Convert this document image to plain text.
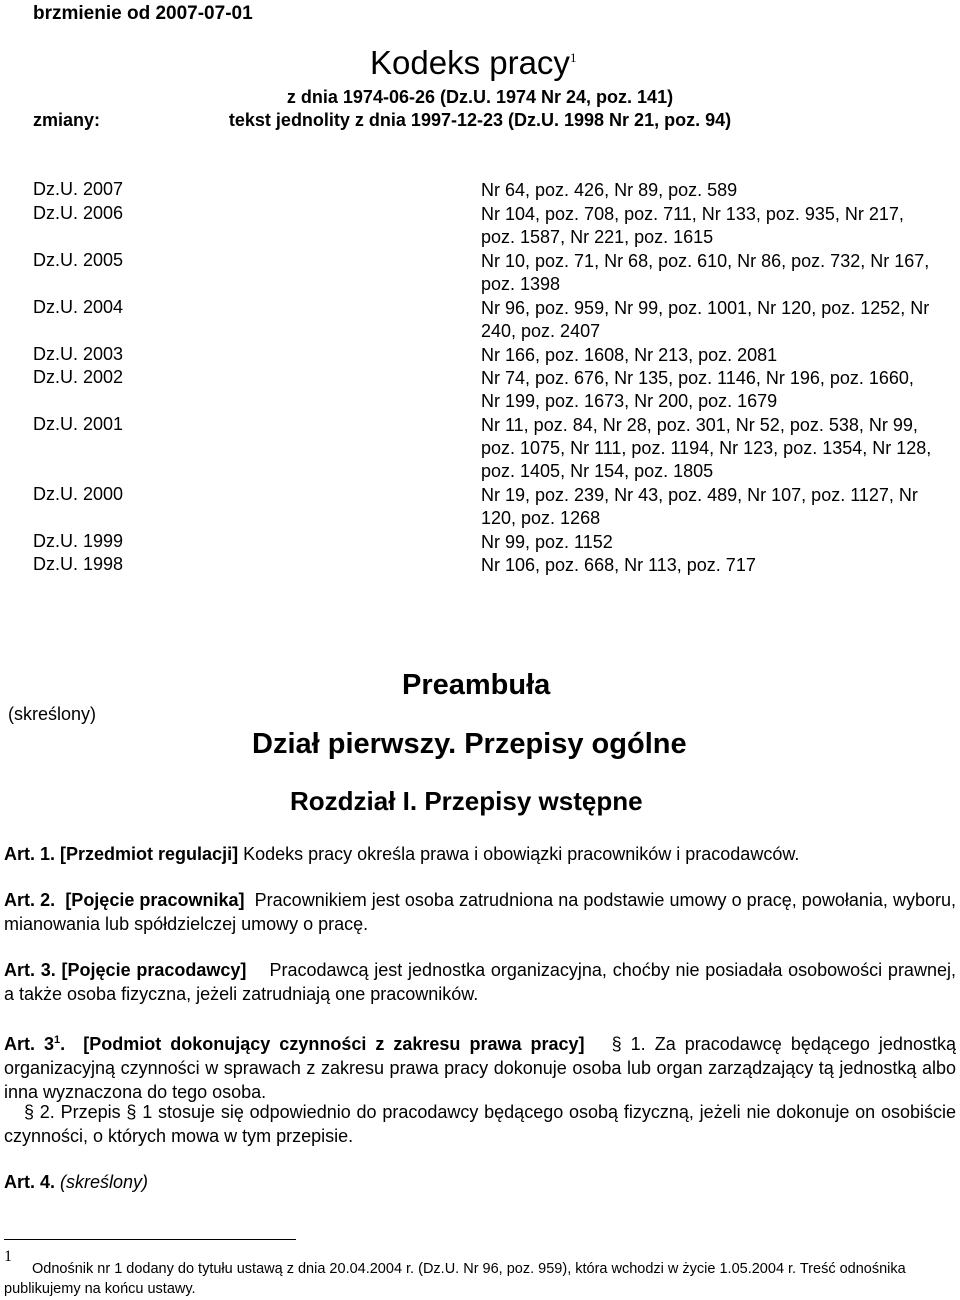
brzmienie od 2007-07-01
Kodeks pracy$^1$
z dnia 1974-06-26 (Dz.U. 1974 Nr 24, poz. 141)
zmiany:	tekst jednolity z dnia 1997-12-23 (Dz.U. 1998 Nr 21, poz. 94)
Dz.U. 2007	Nr 64, poz. 426, Nr 89, poz. 589
Dz.U. 2006	Nr 104, poz. 708, poz. 711, Nr 133, poz. 935, Nr 217, poz. 1587, Nr 221, poz. 1615
Dz.U. 2005	Nr 10, poz. 71, Nr 68, poz. 610, Nr 86, poz. 732, Nr 167, poz. 1398
Dz.U. 2004	Nr 96, poz. 959, Nr 99, poz. 1001, Nr 120, poz. 1252, Nr 240, poz. 2407
Dz.U. 2003	Nr 166, poz. 1608, Nr 213, poz. 2081
Dz.U. 2002	Nr 74, poz. 676, Nr 135, poz. 1146, Nr 196, poz. 1660, Nr 199, poz. 1673, Nr 200, poz. 1679
Dz.U. 2001	Nr 11, poz. 84, Nr 28, poz. 301, Nr 52, poz. 538, Nr 99, poz. 1075, Nr 111, poz. 1194, Nr 123, poz. 1354, Nr 128, poz. 1405, Nr 154, poz. 1805
Dz.U. 2000	Nr 19, poz. 239, Nr 43, poz. 489, Nr 107, poz. 1127, Nr 120, poz. 1268
Dz.U. 1999	Nr 99, poz. 1152
Dz.U. 1998	Nr 106, poz. 668, Nr 113, poz. 717
Preambuła
(skreślony)
Dział pierwszy. Przepisy ogólne
Rozdział I. Przepisy wstępne
Art. 1. [Przedmiot regulacji] Kodeks pracy określa prawa i obowiązki pracowników i pracodawców.
Art. 2. [Pojęcie pracownika] Pracownikiem jest osoba zatrudniona na podstawie umowy o pracę, powołania, wyboru, mianowania lub spółdzielczej umowy o pracę.
Art. 3. [Pojęcie pracodawcy] Pracodawcą jest jednostka organizacyjna, choćby nie posiadała osobowości prawnej, a także osoba fizyczna, jeżeli zatrudniają one pracowników.
Art. $3^1$. [Podmiot dokonujący czynności z zakresu prawa pracy] § 1. Za pracodawcę będącego jednostką organizacyjną czynności w sprawach z zakresu prawa pracy dokonuje osoba lub organ zarządzający tą jednostką albo inna wyznaczona do tego osoba.
§ 2. Przepis § 1 stosuje się odpowiednio do pracodawcy będącego osobą fizyczną, jeżeli nie dokonuje on osobiście czynności, o których mowa w tym przepisie.
Art. 4. (skreślony)
1
Odnośnik nr 1 dodany do tytułu ustawą z dnia 20.04.2004 r. (Dz.U. Nr 96, poz. 959), która wchodzi w życie 1.05.2004 r. Treść odnośnika publikujemy na końcu ustawy.
